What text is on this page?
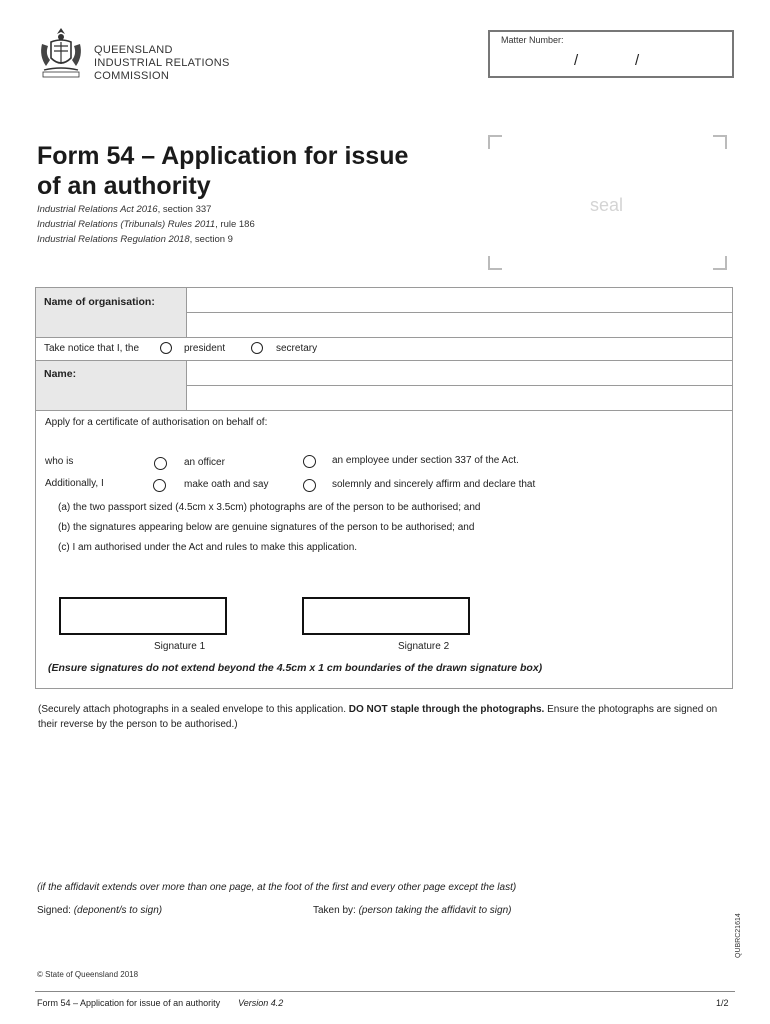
QUEENSLAND
INDUSTRIAL RELATIONS
COMMISSION
Matter Number:
/	/
Form 54 – Application for issue
of an authority
Industrial Relations Act 2016, section 337
Industrial Relations (Tribunals) Rules 2011, rule 186
Industrial Relations Regulation 2018, section 9
seal
Name of organisation:
Take notice that I, the	president	secretary
Name:
Apply for a certificate of authorisation on behalf of:
who is	an officer	an employee under section 337 of the Act.
Additionally, I	make oath and say	solemnly and sincerely affirm and declare that
(a) the two passport sized (4.5cm x 3.5cm) photographs are of the person to be authorised; and
(b) the signatures appearing below are genuine signatures of the person to be authorised; and
(c) I am authorised under the Act and rules to make this application.
Signature 1	Signature 2
(Ensure signatures do not extend beyond the 4.5cm x 1 cm boundaries of the drawn signature box)
(Securely attach photographs in a sealed envelope to this application. DO NOT staple through the photographs. Ensure the photographs are signed on their reverse by the person to be authorised.)
(if the affidavit extends over more than one page, at the foot of the first and every other page except the last)
Signed: (deponent/s to sign)	Taken by: (person taking the affidavit to sign)
QUBRC21614
© State of Queensland 2018
Form 54 – Application for issue of an authority Version 4.2	1/2
